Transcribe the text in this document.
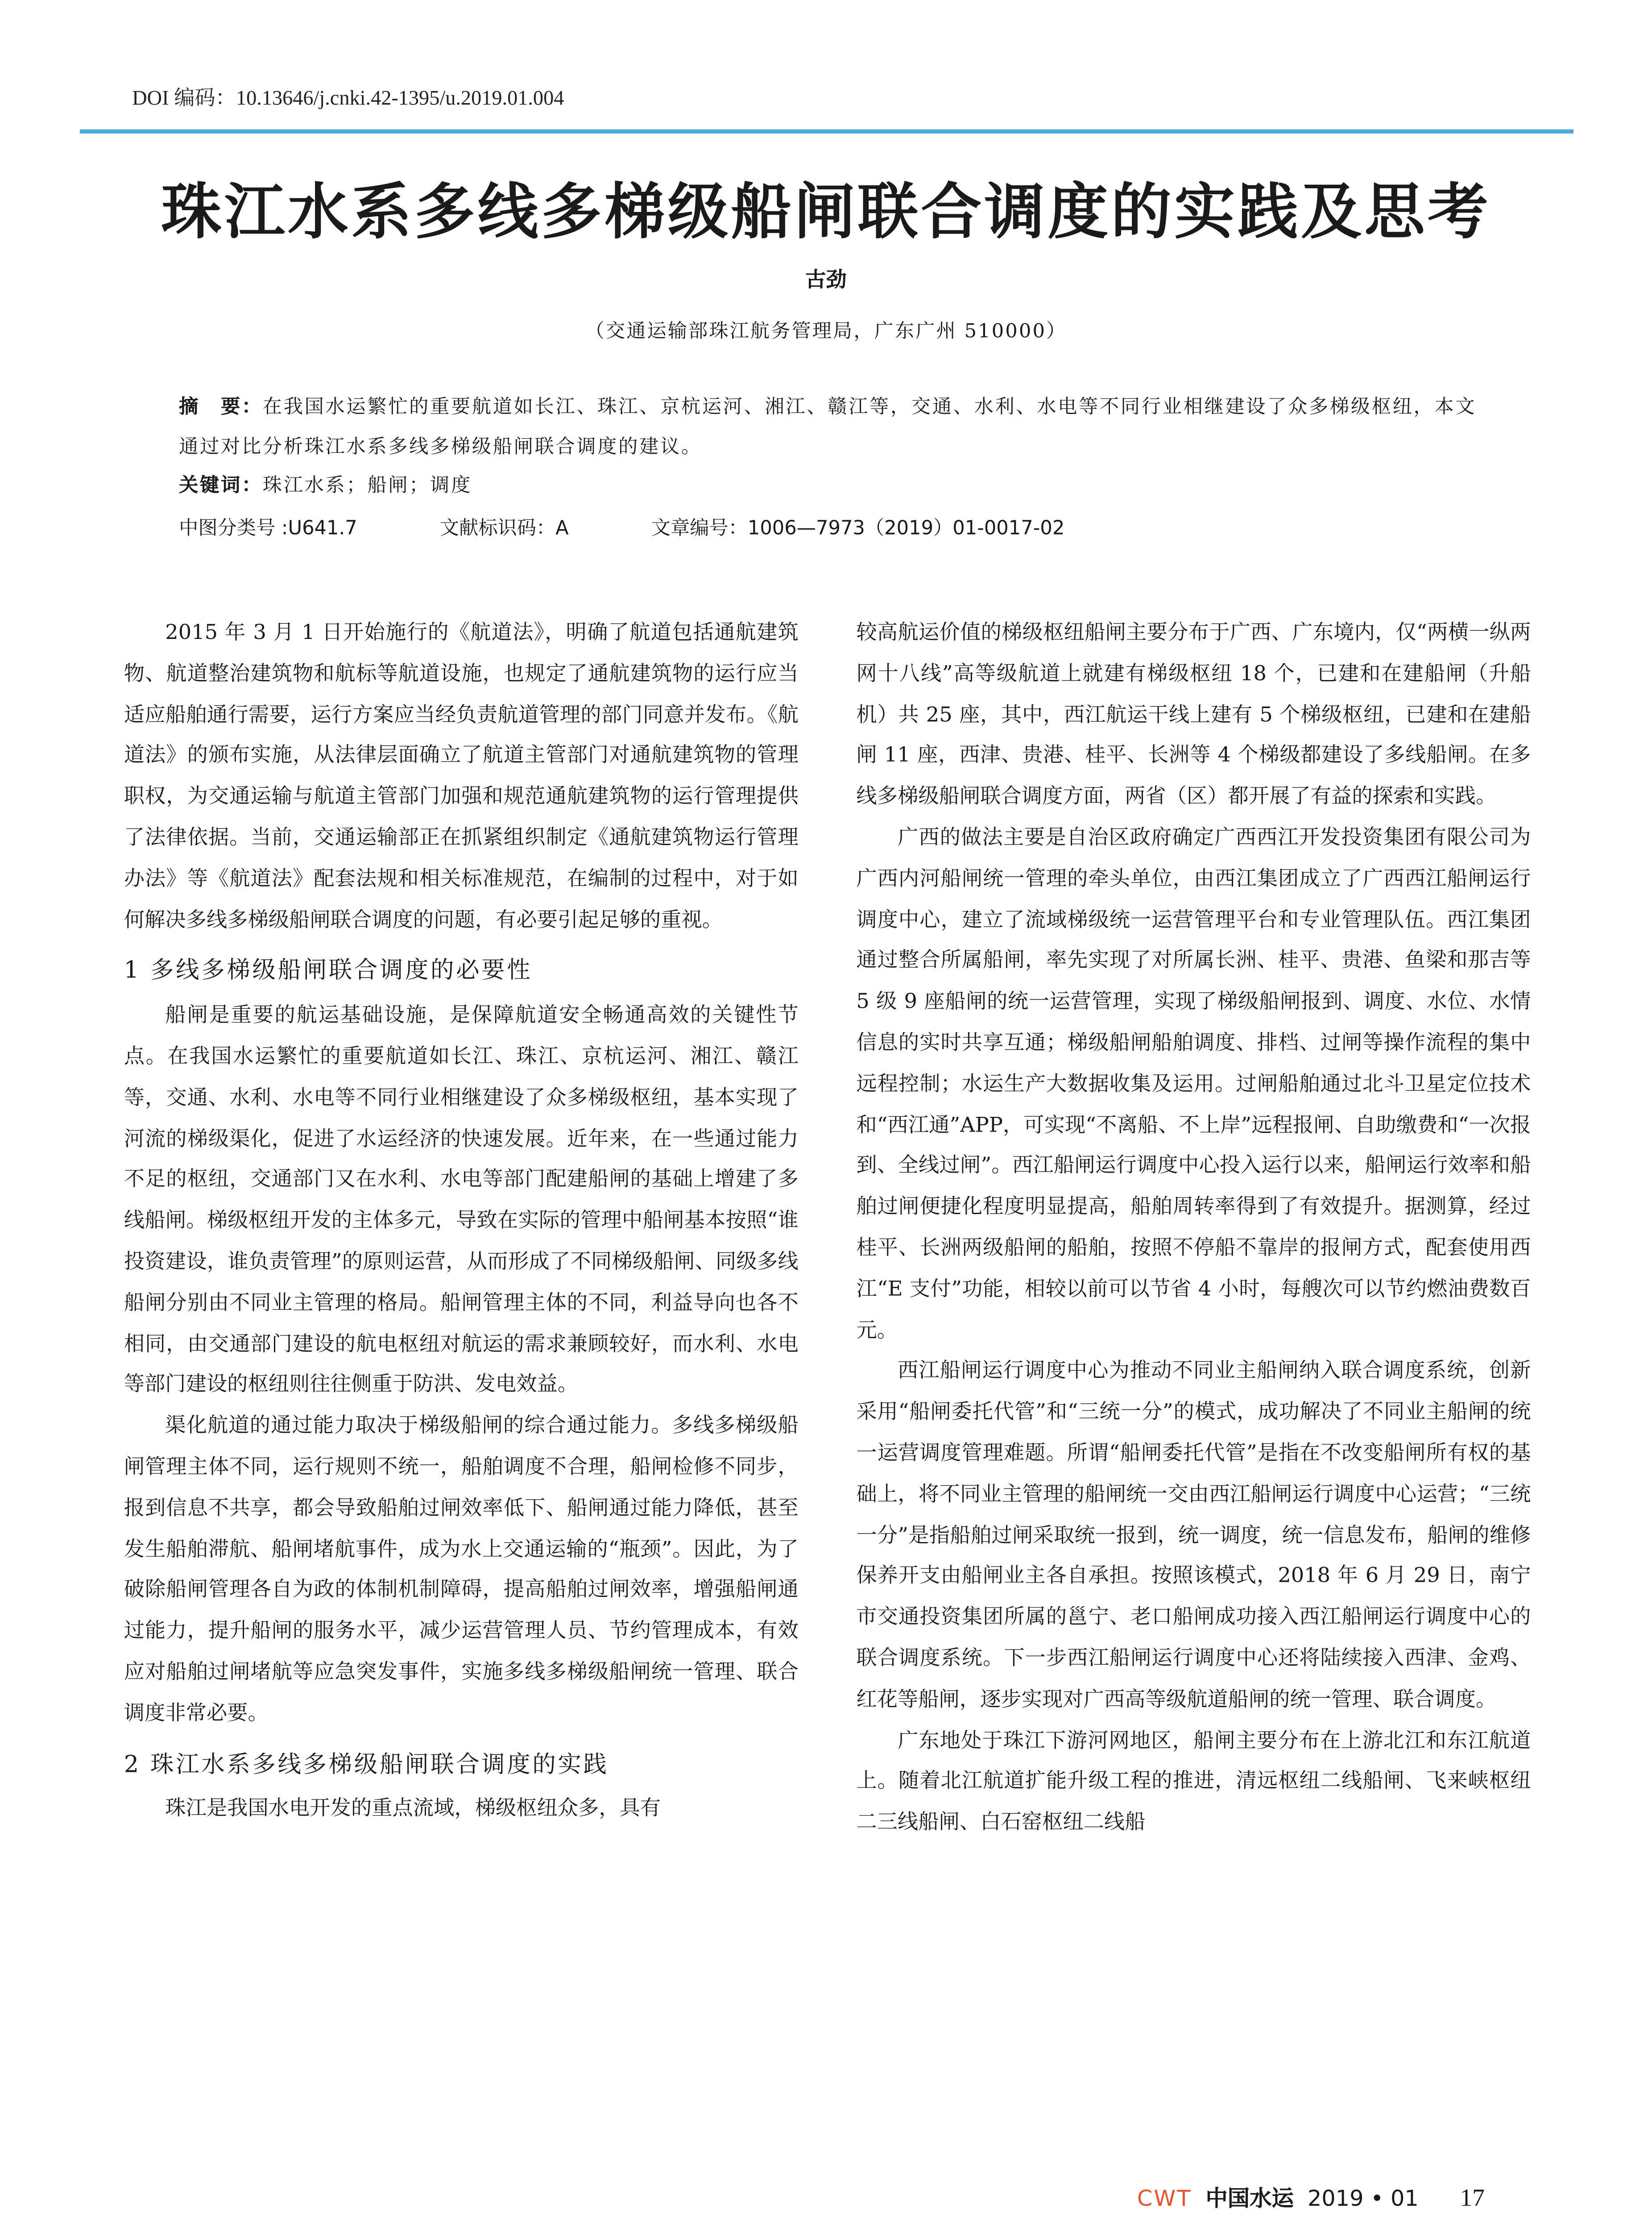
DOI 编码：10.13646/j.cnki.42-1395/u.2019.01.004
珠江水系多线多梯级船闸联合调度的实践及思考
古劲
（交通运输部珠江航务管理局，广东广州 510000）
摘　要：在我国水运繁忙的重要航道如长江、珠江、京杭运河、湘江、赣江等，交通、水利、水电等不同行业相继建设了众多梯级枢纽，本文通过对比分析珠江水系多线多梯级船闸联合调度的建议。
关键词：珠江水系；船闸；调度
中图分类号 :U641.7	文献标识码：A	文章编号：1006—7973（2019）01-0017-02

2015 年 3 月 1 日开始施行的《航道法》，明确了航道包括通航建筑物、航道整治建筑物和航标等航道设施，也规定了通航建筑物的运行应当适应船舶通行需要，运行方案应当经负责航道管理的部门同意并发布。《航道法》的颁布实施，从法律层面确立了航道主管部门对通航建筑物的管理职权，为交通运输与航道主管部门加强和规范通航建筑物的运行管理提供了法律依据。当前，交通运输部正在抓紧组织制定《通航建筑物运行管理办法》等《航道法》配套法规和相关标准规范，在编制的过程中，对于如何解决多线多梯级船闸联合调度的问题，有必要引起足够的重视。

1 多线多梯级船闸联合调度的必要性

船闸是重要的航运基础设施，是保障航道安全畅通高效的关键性节点。在我国水运繁忙的重要航道如长江、珠江、京杭运河、湘江、赣江等，交通、水利、水电等不同行业相继建设了众多梯级枢纽，基本实现了河流的梯级渠化，促进了水运经济的快速发展。近年来，在一些通过能力不足的枢纽，交通部门又在水利、水电等部门配建船闸的基础上增建了多线船闸。梯级枢纽开发的主体多元，导致在实际的管理中船闸基本按照“谁投资建设，谁负责管理”的原则运营，从而形成了不同梯级船闸、同级多线船闸分别由不同业主管理的格局。船闸管理主体的不同，利益导向也各不相同，由交通部门建设的航电枢纽对航运的需求兼顾较好，而水利、水电等部门建设的枢纽则往往侧重于防洪、发电效益。

渠化航道的通过能力取决于梯级船闸的综合通过能力。多线多梯级船闸管理主体不同，运行规则不统一，船舶调度不合理，船闸检修不同步，报到信息不共享，都会导致船舶过闸效率低下、船闸通过能力降低，甚至发生船舶滞航、船闸堵航事件，成为水上交通运输的“瓶颈”。因此，为了破除船闸管理各自为政的体制机制障碍，提高船舶过闸效率，增强船闸通过能力，提升船闸的服务水平，减少运营管理人员、节约管理成本，有效应对船舶过闸堵航等应急突发事件，实施多线多梯级船闸统一管理、联合调度非常必要。

2 珠江水系多线多梯级船闸联合调度的实践

珠江是我国水电开发的重点流域，梯级枢纽众多，具有

较高航运价值的梯级枢纽船闸主要分布于广西、广东境内，仅“两横一纵两网十八线”高等级航道上就建有梯级枢纽 18 个，已建和在建船闸（升船机）共 25 座，其中，西江航运干线上建有 5 个梯级枢纽，已建和在建船闸 11 座，西津、贵港、桂平、长洲等 4 个梯级都建设了多线船闸。在多线多梯级船闸联合调度方面，两省（区）都开展了有益的探索和实践。

广西的做法主要是自治区政府确定广西西江开发投资集团有限公司为广西内河船闸统一管理的牵头单位，由西江集团成立了广西西江船闸运行调度中心，建立了流域梯级统一运营管理平台和专业管理队伍。西江集团通过整合所属船闸，率先实现了对所属长洲、桂平、贵港、鱼梁和那吉等 5 级 9 座船闸的统一运营管理，实现了梯级船闸报到、调度、水位、水情信息的实时共享互通；梯级船闸船舶调度、排档、过闸等操作流程的集中远程控制；水运生产大数据收集及运用。过闸船舶通过北斗卫星定位技术和“西江通”APP，可实现“不离船、不上岸”远程报闸、自助缴费和“一次报到、全线过闸”。西江船闸运行调度中心投入运行以来，船闸运行效率和船舶过闸便捷化程度明显提高，船舶周转率得到了有效提升。据测算，经过桂平、长洲两级船闸的船舶，按照不停船不靠岸的报闸方式，配套使用西江“E 支付”功能，相较以前可以节省 4 小时，每艘次可以节约燃油费数百元。

西江船闸运行调度中心为推动不同业主船闸纳入联合调度系统，创新采用“船闸委托代管”和“三统一分”的模式，成功解决了不同业主船闸的统一运营调度管理难题。所谓“船闸委托代管”是指在不改变船闸所有权的基础上，将不同业主管理的船闸统一交由西江船闸运行调度中心运营；“三统一分”是指船舶过闸采取统一报到，统一调度，统一信息发布，船闸的维修保养开支由船闸业主各自承担。按照该模式，2018 年 6 月 29 日，南宁市交通投资集团所属的邕宁、老口船闸成功接入西江船闸运行调度中心的联合调度系统。下一步西江船闸运行调度中心还将陆续接入西津、金鸡、红花等船闸，逐步实现对广西高等级航道船闸的统一管理、联合调度。

广东地处于珠江下游河网地区，船闸主要分布在上游北江和东江航道上。随着北江航道扩能升级工程的推进，清远枢纽二线船闸、飞来峡枢纽二三线船闸、白石窑枢纽二线船

CWT 中国水运 2019 • 01	17
